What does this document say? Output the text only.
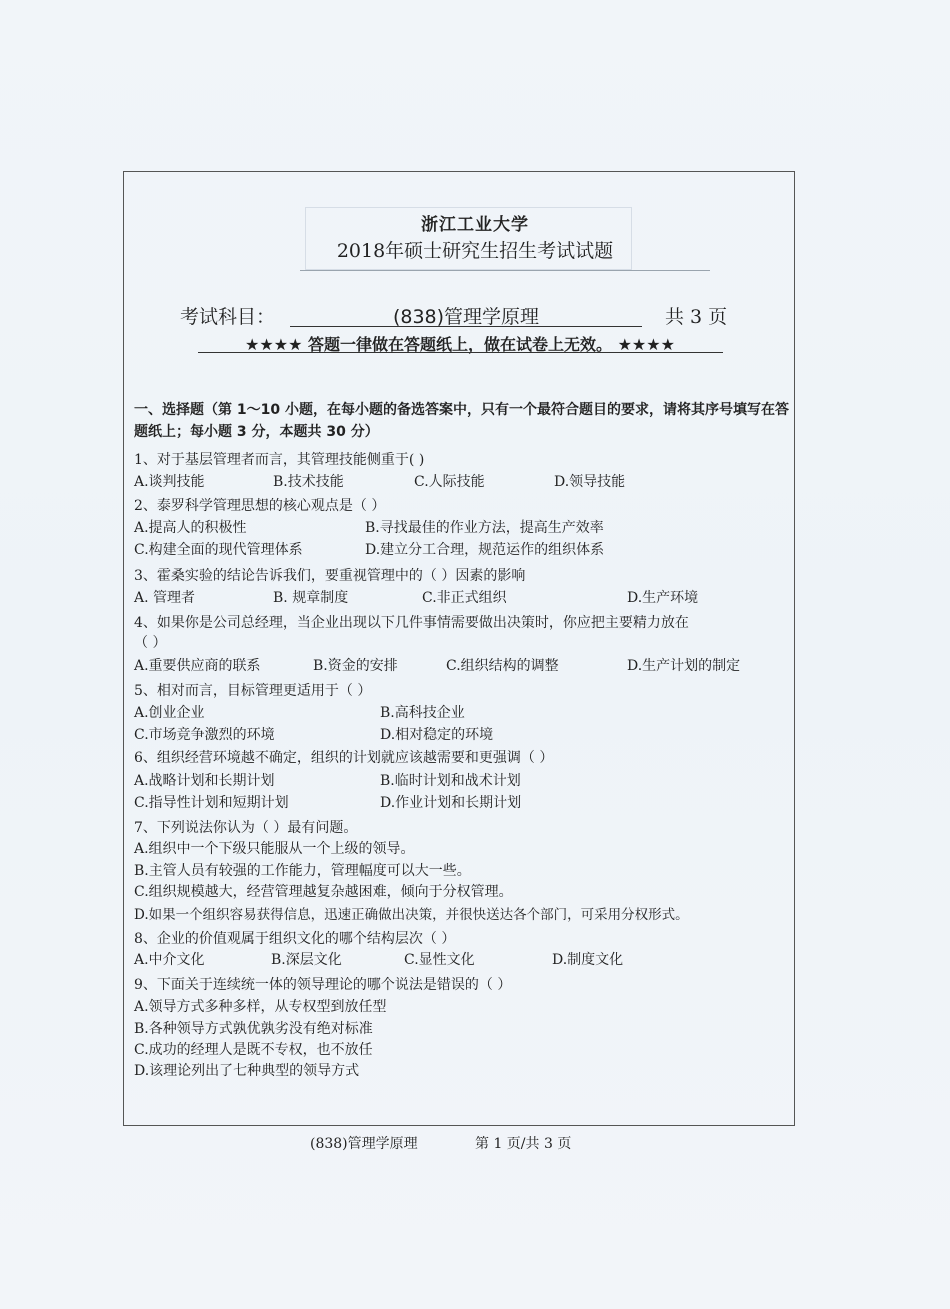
浙江工业大学
2018年硕士研究生招生考试试题
考试科目：	(838)管理学原理	共 3 页
★★★★ 答题一律做在答题纸上，做在试卷上无效。 ★★★★
一、选择题（第 1～10 小题，在每小题的备选答案中，只有一个最符合题目的要求，请将其序号填写在答题纸上；每小题 3 分，本题共 30 分）
1、对于基层管理者而言，其管理技能侧重于( )
A.谈判技能	B.技术技能	C.人际技能	D.领导技能
2、泰罗科学管理思想的核心观点是（ ）
A.提高人的积极性	B.寻找最佳的作业方法，提高生产效率
C.构建全面的现代管理体系	D.建立分工合理，规范运作的组织体系
3、霍桑实验的结论告诉我们，要重视管理中的（ ）因素的影响
A. 管理者	B. 规章制度	C.非正式组织	D.生产环境
4、如果你是公司总经理，当企业出现以下几件事情需要做出决策时，你应把主要精力放在
（ ）
A.重要供应商的联系	B.资金的安排	C.组织结构的调整	D.生产计划的制定
5、相对而言，目标管理更适用于（ ）
A.创业企业	B.高科技企业
C.市场竞争激烈的环境	D.相对稳定的环境
6、组织经营环境越不确定，组织的计划就应该越需要和更强调（ ）
A.战略计划和长期计划	B.临时计划和战术计划
C.指导性计划和短期计划	D.作业计划和长期计划
7、下列说法你认为（ ）最有问题。
A.组织中一个下级只能服从一个上级的领导。
B.主管人员有较强的工作能力，管理幅度可以大一些。
C.组织规模越大，经营管理越复杂越困难，倾向于分权管理。
D.如果一个组织容易获得信息，迅速正确做出决策，并很快送达各个部门，可采用分权形式。
8、企业的价值观属于组织文化的哪个结构层次（ ）
A.中介文化	B.深层文化	C.显性文化	D.制度文化
9、下面关于连续统一体的领导理论的哪个说法是错误的（ ）
A.领导方式多种多样，从专权型到放任型
B.各种领导方式孰优孰劣没有绝对标准
C.成功的经理人是既不专权，也不放任
D.该理论列出了七种典型的领导方式
(838)管理学原理	第 1 页/共 3 页
